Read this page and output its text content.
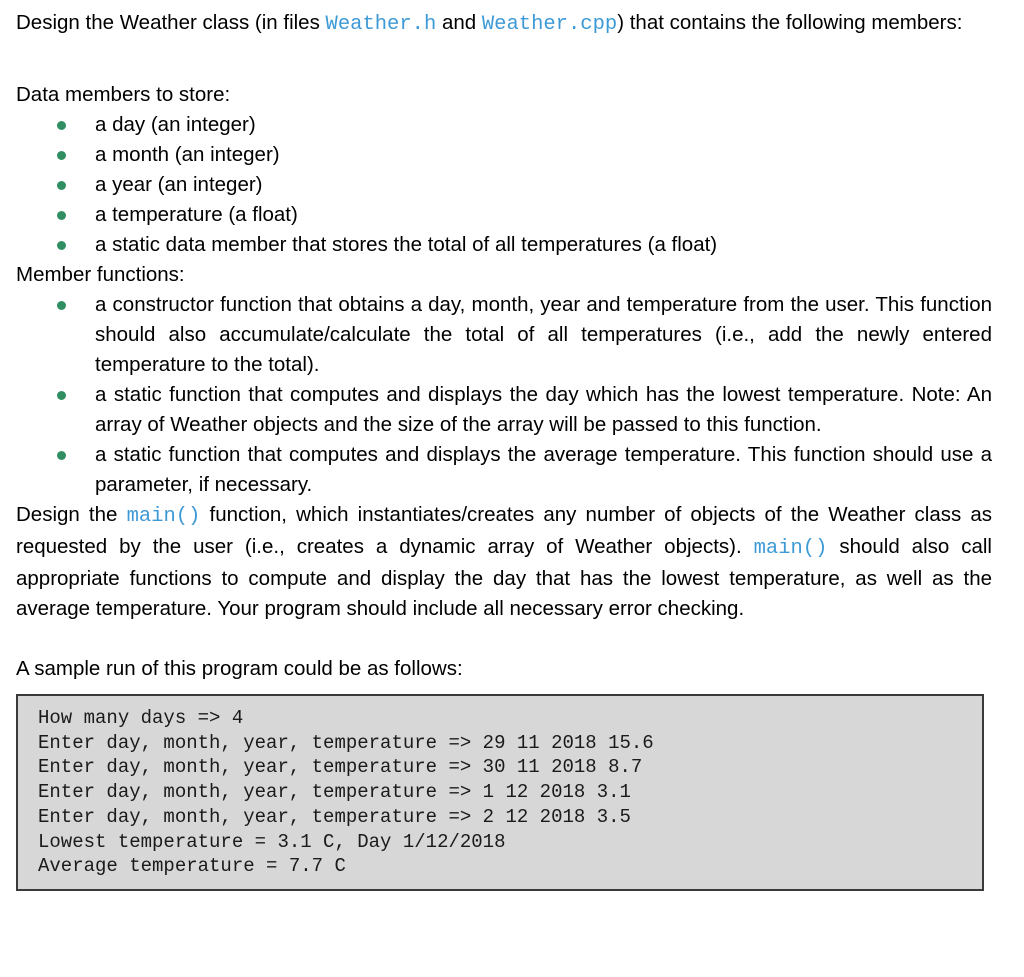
Design the Weather class (in files Weather.h and Weather.cpp) that contains the following members:

Data members to store:

a day (an integer)
a month (an integer)
a year (an integer)
a temperature (a float)
a static data member that stores the total of all temperatures (a float)

Member functions:

a constructor function that obtains a day, month, year and temperature from the user. This function should also accumulate/calculate the total of all temperatures (i.e., add the newly entered temperature to the total).
a static function that computes and displays the day which has the lowest temperature. Note: An array of Weather objects and the size of the array will be passed to this function.
a static function that computes and displays the average temperature. This function should use a parameter, if necessary.

Design the main() function, which instantiates/creates any number of objects of the Weather class as requested by the user (i.e., creates a dynamic array of Weather objects). main() should also call appropriate functions to compute and display the day that has the lowest temperature, as well as the average temperature. Your program should include all necessary error checking.

A sample run of this program could be as follows:

How many days => 4
Enter day, month, year, temperature => 29 11 2018 15.6
Enter day, month, year, temperature => 30 11 2018 8.7
Enter day, month, year, temperature => 1 12 2018 3.1
Enter day, month, year, temperature => 2 12 2018 3.5
Lowest temperature = 3.1 C, Day 1/12/2018
Average temperature = 7.7 C
